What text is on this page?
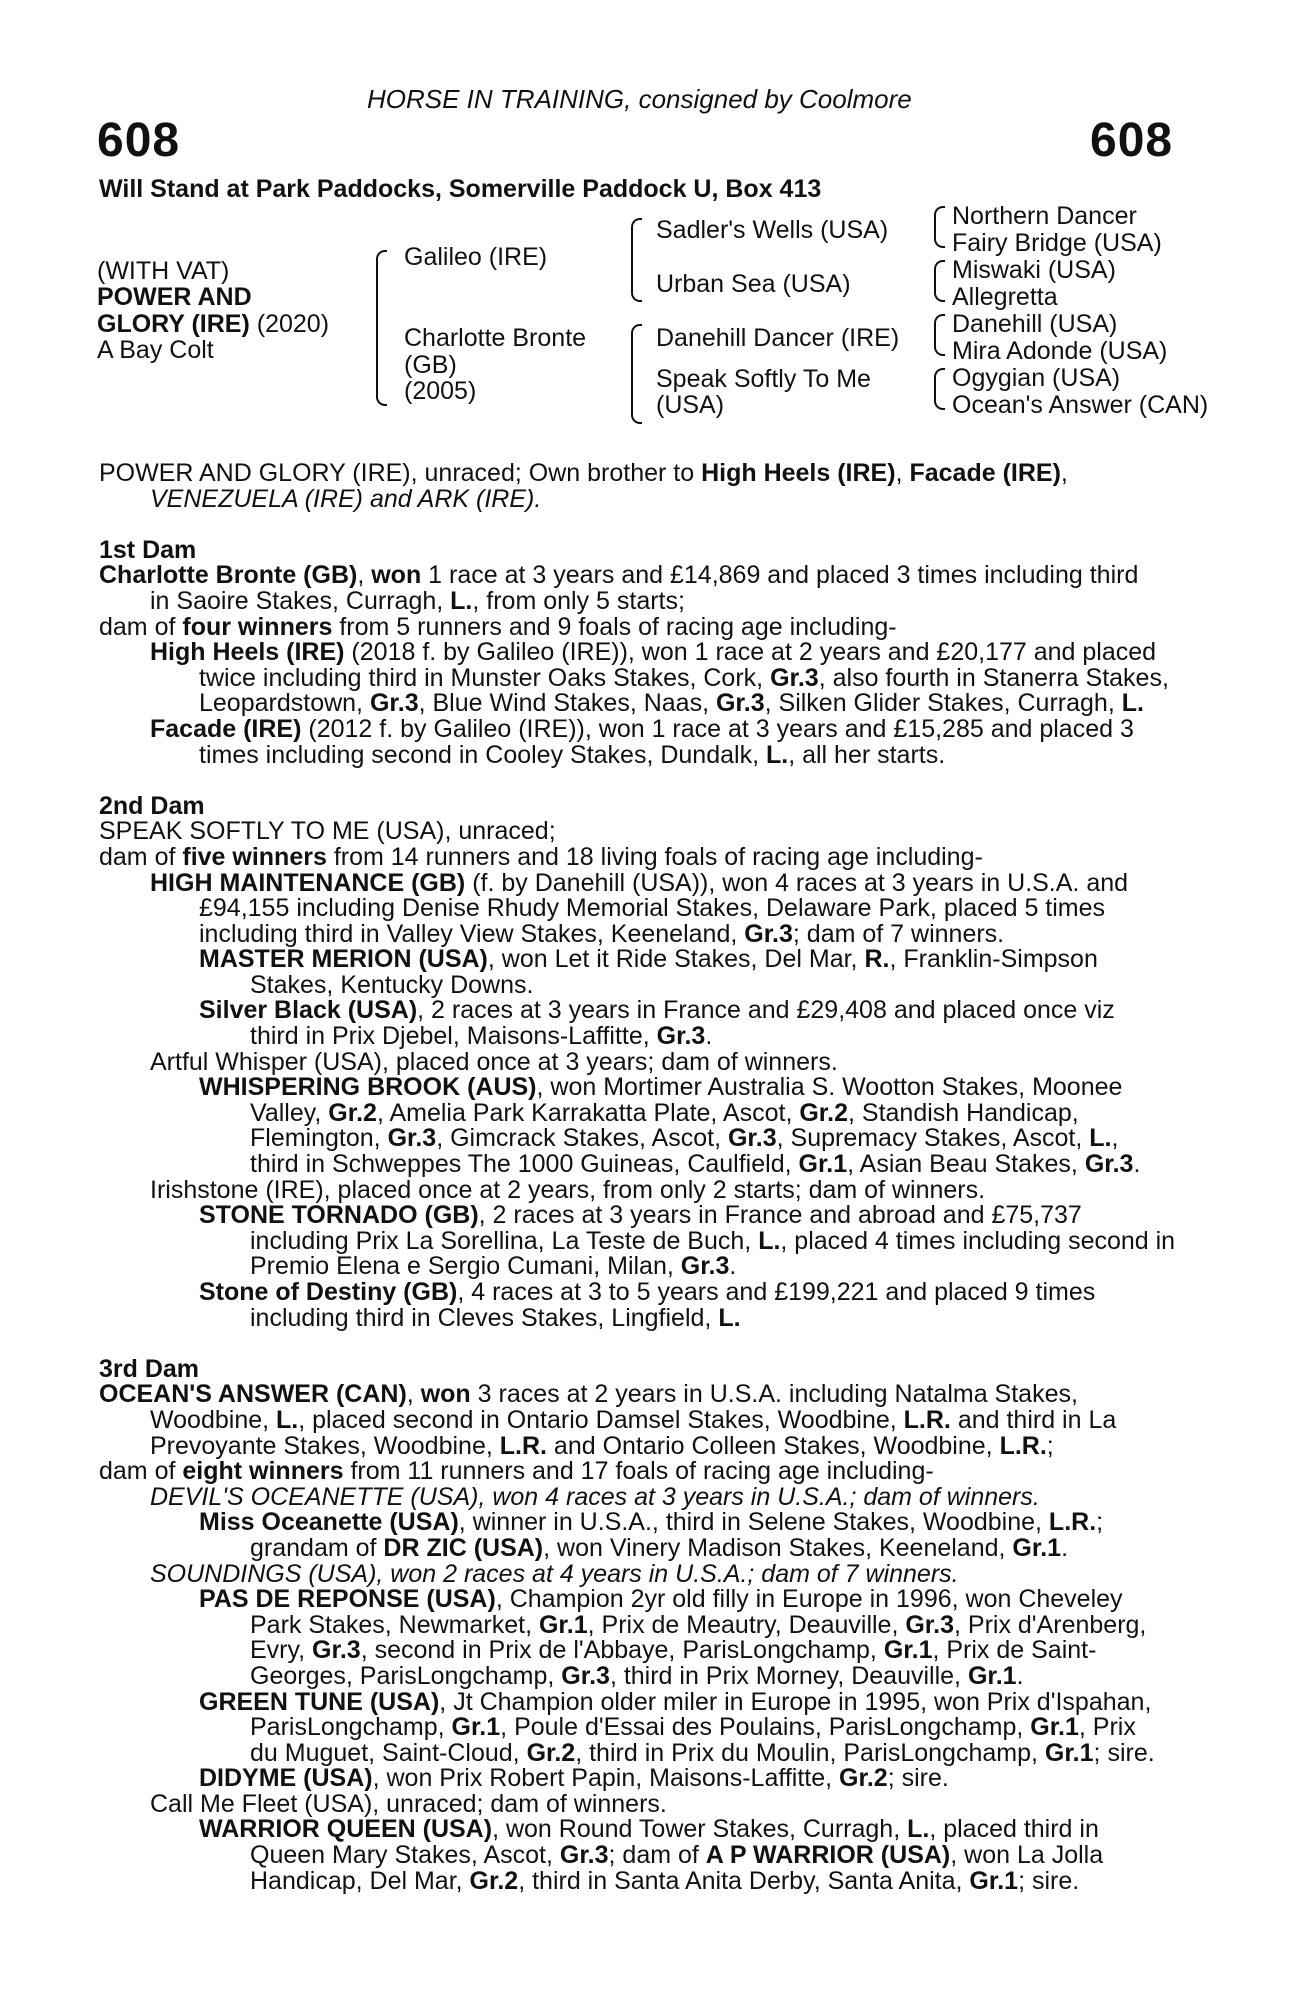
HORSE IN TRAINING, consigned by Coolmore
608	608
Will Stand at Park Paddocks, Somerville Paddock U, Box 413
(WITH VAT)
POWER AND
GLORY (IRE) (2020)
A Bay Colt
Galileo (IRE)
Charlotte Bronte
(GB)
(2005)
Sadler's Wells (USA)
Urban Sea (USA)
Danehill Dancer (IRE)
Speak Softly To Me
(USA)
Northern Dancer
Fairy Bridge (USA)
Miswaki (USA)
Allegretta
Danehill (USA)
Mira Adonde (USA)
Ogygian (USA)
Ocean's Answer (CAN)
POWER AND GLORY (IRE), unraced; Own brother to High Heels (IRE), Facade (IRE),
VENEZUELA (IRE) and ARK (IRE).
1st Dam
Charlotte Bronte (GB), won 1 race at 3 years and £14,869 and placed 3 times including third
in Saoire Stakes, Curragh, L., from only 5 starts;
dam of four winners from 5 runners and 9 foals of racing age including-
High Heels (IRE) (2018 f. by Galileo (IRE)), won 1 race at 2 years and £20,177 and placed
twice including third in Munster Oaks Stakes, Cork, Gr.3, also fourth in Stanerra Stakes,
Leopardstown, Gr.3, Blue Wind Stakes, Naas, Gr.3, Silken Glider Stakes, Curragh, L.
Facade (IRE) (2012 f. by Galileo (IRE)), won 1 race at 3 years and £15,285 and placed 3
times including second in Cooley Stakes, Dundalk, L., all her starts.
2nd Dam
SPEAK SOFTLY TO ME (USA), unraced;
dam of five winners from 14 runners and 18 living foals of racing age including-
HIGH MAINTENANCE (GB) (f. by Danehill (USA)), won 4 races at 3 years in U.S.A. and
£94,155 including Denise Rhudy Memorial Stakes, Delaware Park, placed 5 times
including third in Valley View Stakes, Keeneland, Gr.3; dam of 7 winners.
MASTER MERION (USA), won Let it Ride Stakes, Del Mar, R., Franklin-Simpson
Stakes, Kentucky Downs.
Silver Black (USA), 2 races at 3 years in France and £29,408 and placed once viz
third in Prix Djebel, Maisons-Laffitte, Gr.3.
Artful Whisper (USA), placed once at 3 years; dam of winners.
WHISPERING BROOK (AUS), won Mortimer Australia S. Wootton Stakes, Moonee
Valley, Gr.2, Amelia Park Karrakatta Plate, Ascot, Gr.2, Standish Handicap,
Flemington, Gr.3, Gimcrack Stakes, Ascot, Gr.3, Supremacy Stakes, Ascot, L.,
third in Schweppes The 1000 Guineas, Caulfield, Gr.1, Asian Beau Stakes, Gr.3.
Irishstone (IRE), placed once at 2 years, from only 2 starts; dam of winners.
STONE TORNADO (GB), 2 races at 3 years in France and abroad and £75,737
including Prix La Sorellina, La Teste de Buch, L., placed 4 times including second in
Premio Elena e Sergio Cumani, Milan, Gr.3.
Stone of Destiny (GB), 4 races at 3 to 5 years and £199,221 and placed 9 times
including third in Cleves Stakes, Lingfield, L.
3rd Dam
OCEAN'S ANSWER (CAN), won 3 races at 2 years in U.S.A. including Natalma Stakes,
Woodbine, L., placed second in Ontario Damsel Stakes, Woodbine, L.R. and third in La
Prevoyante Stakes, Woodbine, L.R. and Ontario Colleen Stakes, Woodbine, L.R.;
dam of eight winners from 11 runners and 17 foals of racing age including-
DEVIL'S OCEANETTE (USA), won 4 races at 3 years in U.S.A.; dam of winners.
Miss Oceanette (USA), winner in U.S.A., third in Selene Stakes, Woodbine, L.R.;
grandam of DR ZIC (USA), won Vinery Madison Stakes, Keeneland, Gr.1.
SOUNDINGS (USA), won 2 races at 4 years in U.S.A.; dam of 7 winners.
PAS DE REPONSE (USA), Champion 2yr old filly in Europe in 1996, won Cheveley
Park Stakes, Newmarket, Gr.1, Prix de Meautry, Deauville, Gr.3, Prix d'Arenberg,
Evry, Gr.3, second in Prix de l'Abbaye, ParisLongchamp, Gr.1, Prix de Saint-
Georges, ParisLongchamp, Gr.3, third in Prix Morney, Deauville, Gr.1.
GREEN TUNE (USA), Jt Champion older miler in Europe in 1995, won Prix d'Ispahan,
ParisLongchamp, Gr.1, Poule d'Essai des Poulains, ParisLongchamp, Gr.1, Prix
du Muguet, Saint-Cloud, Gr.2, third in Prix du Moulin, ParisLongchamp, Gr.1; sire.
DIDYME (USA), won Prix Robert Papin, Maisons-Laffitte, Gr.2; sire.
Call Me Fleet (USA), unraced; dam of winners.
WARRIOR QUEEN (USA), won Round Tower Stakes, Curragh, L., placed third in
Queen Mary Stakes, Ascot, Gr.3; dam of A P WARRIOR (USA), won La Jolla
Handicap, Del Mar, Gr.2, third in Santa Anita Derby, Santa Anita, Gr.1; sire.
